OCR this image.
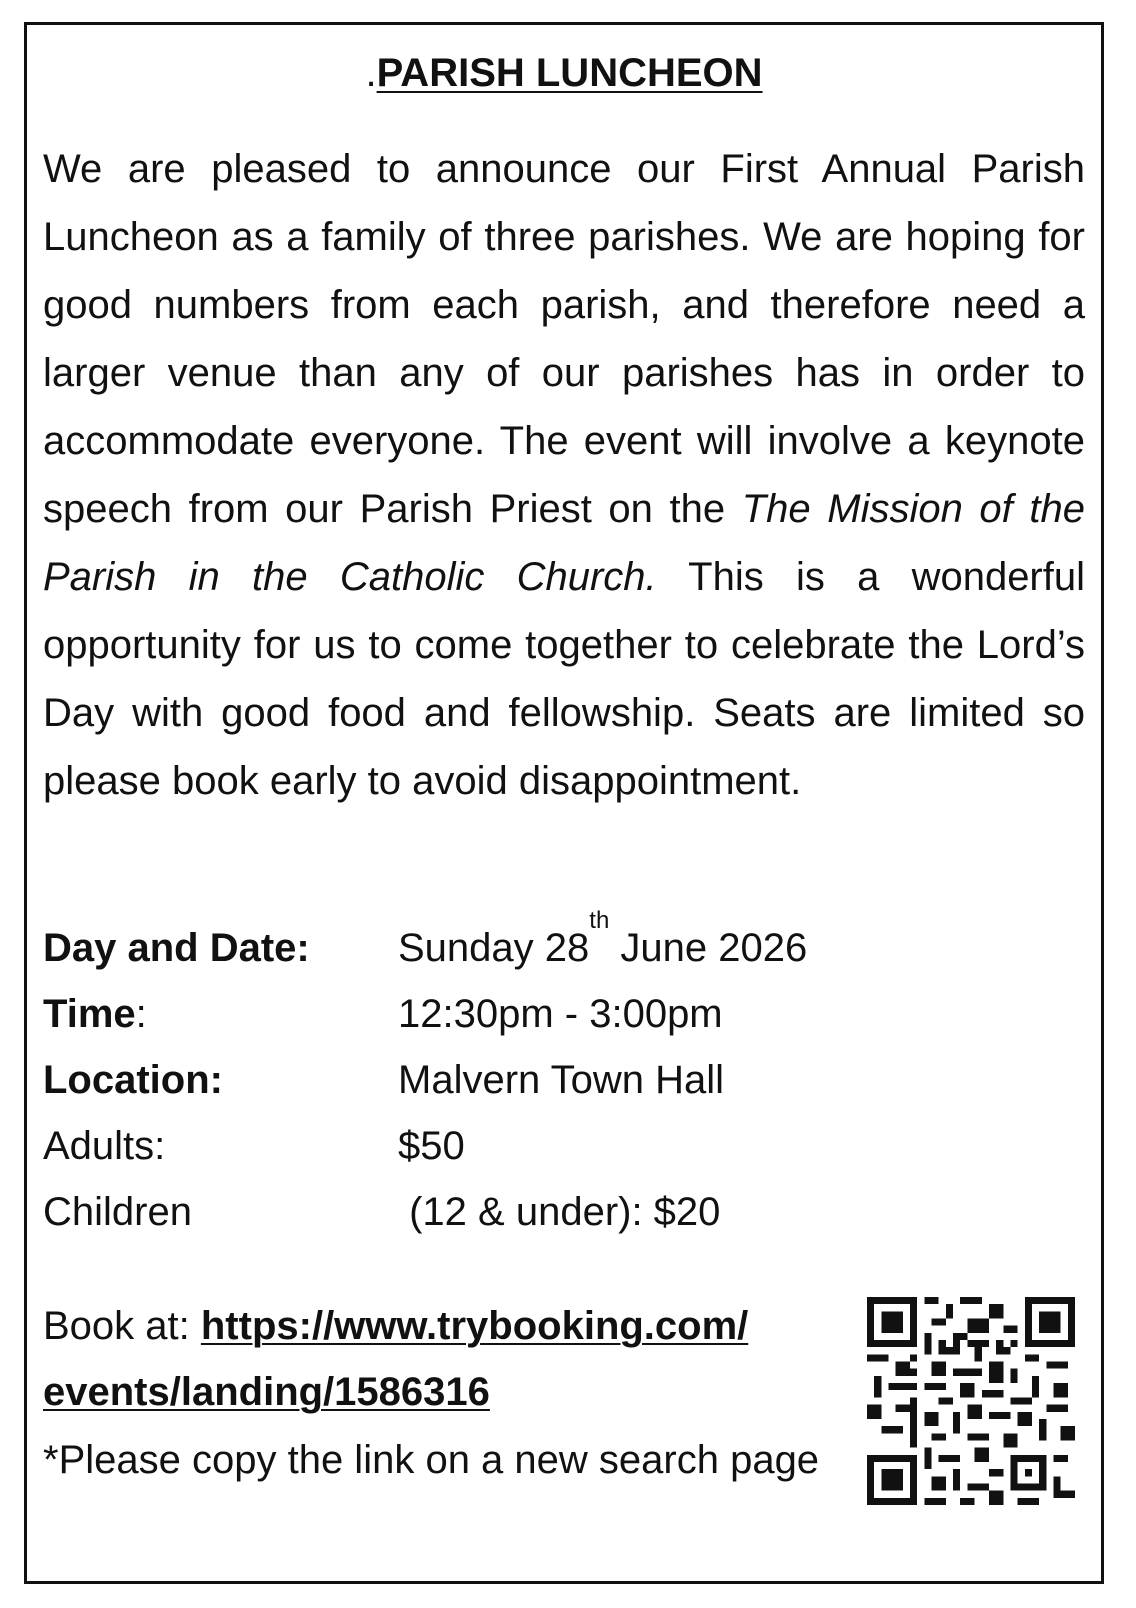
.PARISH LUNCHEON
We are pleased to announce our First Annual Parish Luncheon as a family of three parishes. We are hoping for good numbers from each parish, and therefore need a larger venue than any of our parishes has in order to accommodate everyone. The event will involve a keynote speech from our Parish Priest on the The Mission of the Parish in the Catholic Church. This is a wonderful opportunity for us to come together to celebrate the Lord’s Day with good food and fellowship. Seats are limited so please book early to avoid disappointment.
Day and Date:	Sunday 28th June 2026
Time:	12:30pm - 3:00pm
Location:	Malvern Town Hall
Adults:	$50
Children	(12 & under): $20
Book at: https://www.trybooking.com/
events/landing/1586316
*Please copy the link on a new search page
